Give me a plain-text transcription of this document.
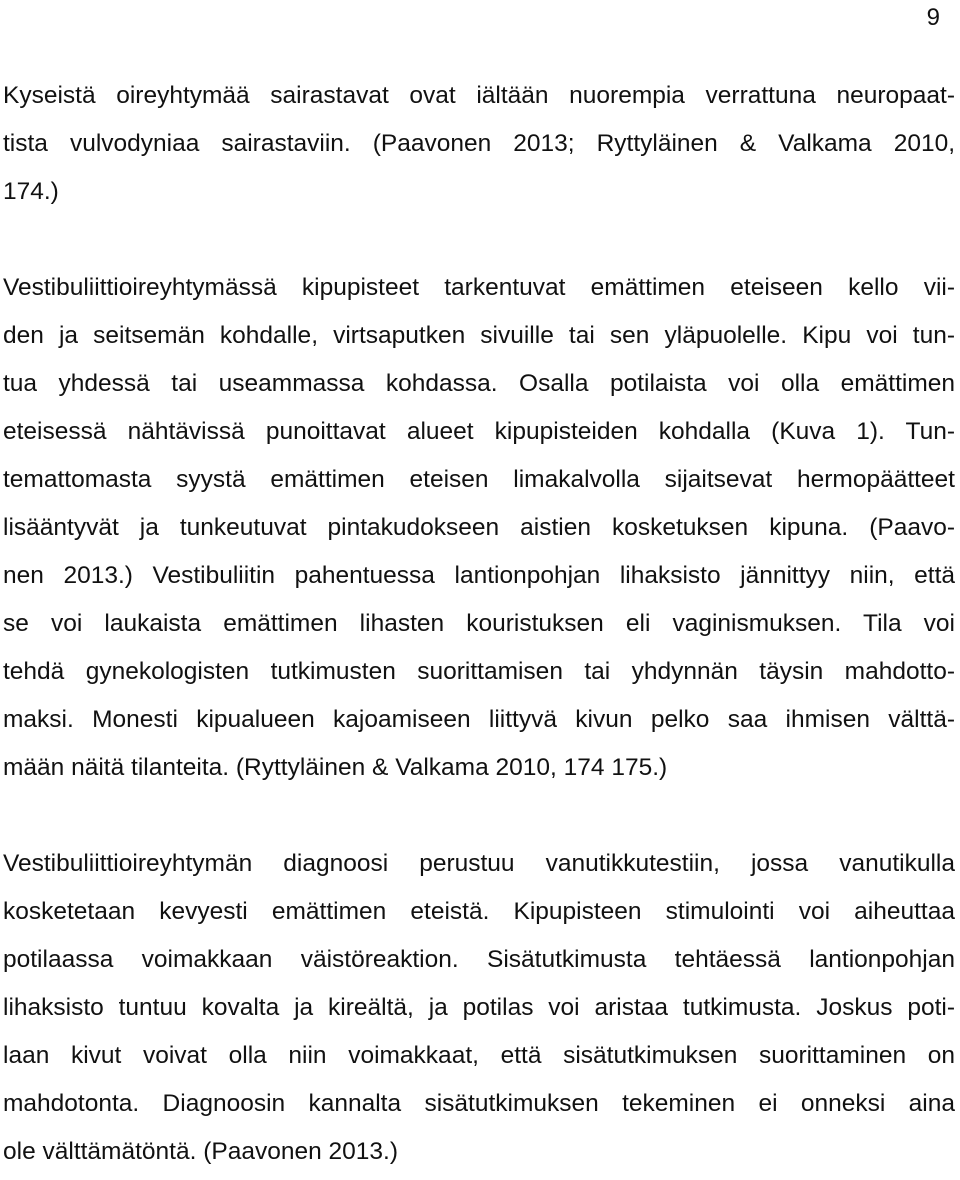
9
Kyseistä oireyhtymää sairastavat ovat iältään nuorempia verrattuna neuropaat-
tista vulvodyniaa sairastaviin. (Paavonen 2013; Ryttyläinen & Valkama 2010,
174.)
Vestibuliittioireyhtymässä kipupisteet tarkentuvat emättimen eteiseen kello vii-
den ja seitsemän kohdalle, virtsaputken sivuille tai sen yläpuolelle. Kipu voi tun-
tua yhdessä tai useammassa kohdassa. Osalla potilaista voi olla emättimen
eteisessä nähtävissä punoittavat alueet kipupisteiden kohdalla (Kuva 1). Tun-
temattomasta syystä emättimen eteisen limakalvolla sijaitsevat hermopäätteet
lisääntyvät ja tunkeutuvat pintakudokseen aistien kosketuksen kipuna. (Paavo-
nen 2013.) Vestibuliitin pahentuessa lantionpohjan lihaksisto jännittyy niin, että
se voi laukaista emättimen lihasten kouristuksen eli vaginismuksen. Tila voi
tehdä gynekologisten tutkimusten suorittamisen tai yhdynnän täysin mahdotto-
maksi. Monesti kipualueen kajoamiseen liittyvä kivun pelko saa ihmisen välttä-
mään näitä tilanteita. (Ryttyläinen & Valkama 2010, 174 175.)
Vestibuliittioireyhtymän diagnoosi perustuu vanutikkutestiin, jossa vanutikulla
kosketetaan kevyesti emättimen eteistä. Kipupisteen stimulointi voi aiheuttaa
potilaassa voimakkaan väistöreaktion. Sisätutkimusta tehtäessä lantionpohjan
lihaksisto tuntuu kovalta ja kireältä, ja potilas voi aristaa tutkimusta. Joskus poti-
laan kivut voivat olla niin voimakkaat, että sisätutkimuksen suorittaminen on
mahdotonta. Diagnoosin kannalta sisätutkimuksen tekeminen ei onneksi aina
ole välttämätöntä. (Paavonen 2013.)
